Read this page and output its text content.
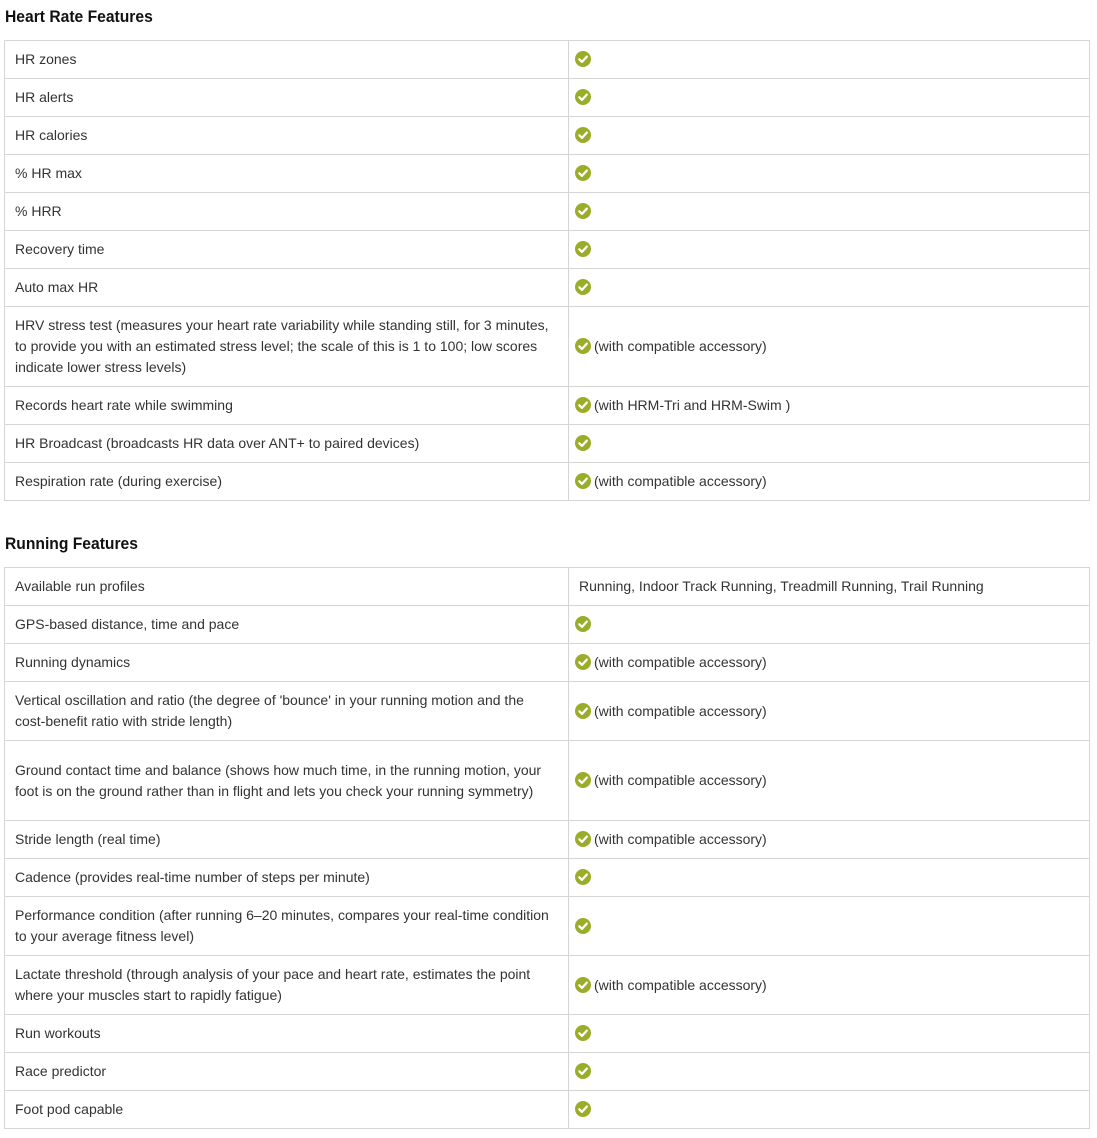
Heart Rate Features
HR zones	

HR alerts	

HR calories	

% HR max	

% HRR	

Recovery time	

Auto max HR	

HRV stress test (measures your heart rate variability while standing still, for 3 minutes, to provide you with an estimated stress level; the scale of this is 1 to 100; low scores indicate lower stress levels)	(with compatible accessory)
Records heart rate while swimming	(with HRM-Tri and HRM-Swim )
HR Broadcast (broadcasts HR data over ANT+ to paired devices)	

Respiration rate (during exercise)	(with compatible accessory)
Running Features
Available run profiles	Running, Indoor Track Running, Treadmill Running, Trail Running
GPS-based distance, time and pace	

Running dynamics	(with compatible accessory)
Vertical oscillation and ratio (the degree of 'bounce' in your running motion and the cost-benefit ratio with stride length)	(with compatible accessory)
Ground contact time and balance (shows how much time, in the running motion, your foot is on the ground rather than in flight and lets you check your running symmetry)	(with compatible accessory)
Stride length (real time)	(with compatible accessory)
Cadence (provides real-time number of steps per minute)	

Performance condition (after running 6–20 minutes, compares your real-time condition to your average fitness level)	

Lactate threshold (through analysis of your pace and heart rate, estimates the point where your muscles start to rapidly fatigue)	(with compatible accessory)
Run workouts	

Race predictor	

Foot pod capable	
